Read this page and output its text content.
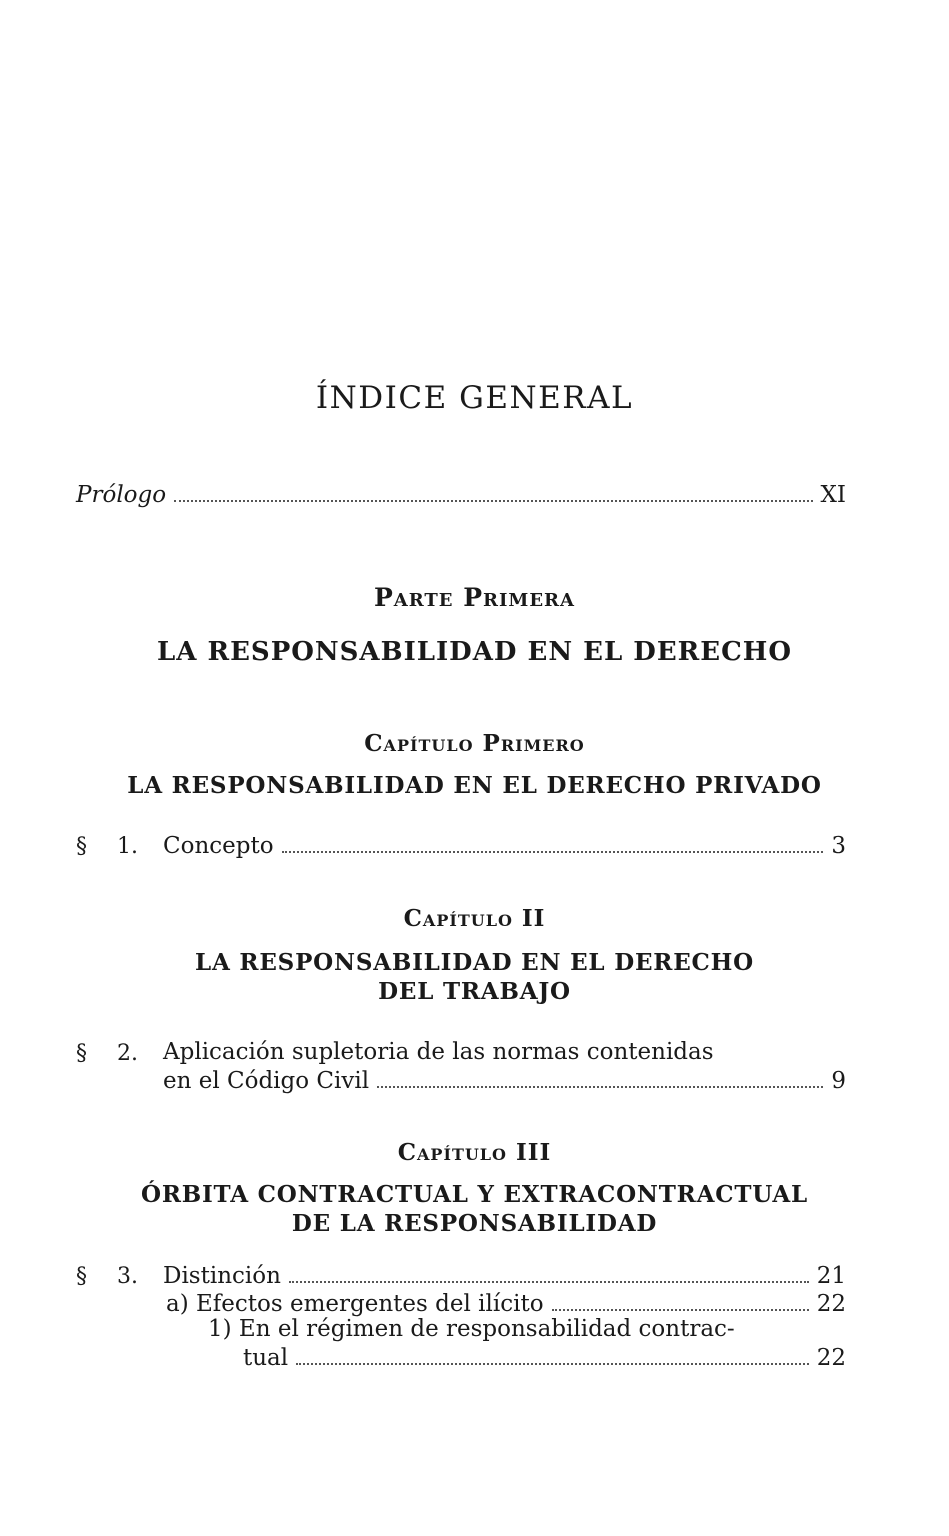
ÍNDICE GENERAL
Prólogo	XI
Parte Primera
LA RESPONSABILIDAD EN EL DERECHO
Capítulo Primero
LA RESPONSABILIDAD EN EL DERECHO PRIVADO
§ 1. Concepto	3
Capítulo II
LA RESPONSABILIDAD EN EL DERECHO
DEL TRABAJO
§ 2. Aplicación supletoria de las normas contenidas
en el Código Civil	9
Capítulo III
ÓRBITA CONTRACTUAL Y EXTRACONTRACTUAL
DE LA RESPONSABILIDAD
§ 3. Distinción	21
a) Efectos emergentes del ilícito	22
1) En el régimen de responsabilidad contrac-
tual	22
